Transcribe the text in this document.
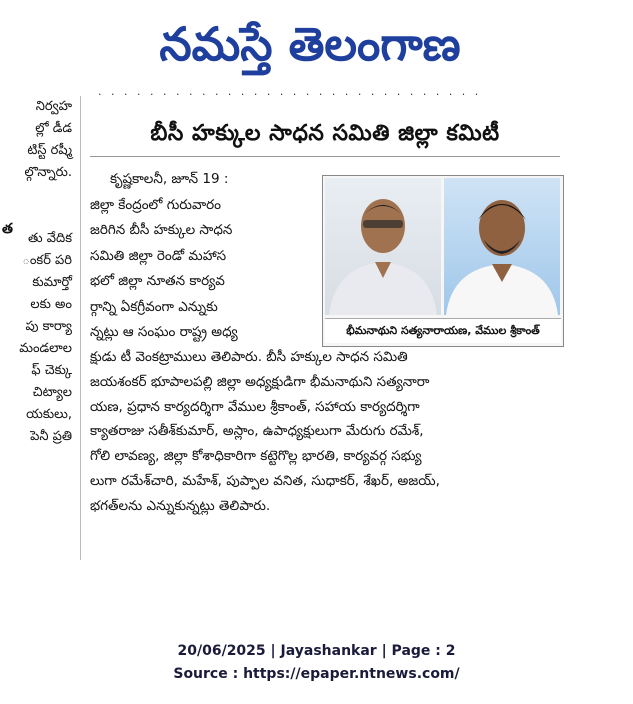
నమస్తే తెలంగాణ
· · · · · · · · · · · · · · · · · · · · · · · · · · · · · ·
నిర్వహ
ల్లో డీడ
టిస్ట్ రష్మీ
ల్గొన్నారు.
తు వేదిక
ంకర్ పరి
కుమార్తో
లకు అం
పు కార్యా
మండలాల
ఫ్ చెక్కు
చిట్యాల
యకులు,
పెనీ ప్రతి
త
బీసీ హక్కుల సాధన సమితి జిల్లా కమిటీ
కృష్ణకాలనీ, జూన్ 19 :
జిల్లా కేంద్రంలో గురువారం
జరిగిన బీసీ హక్కుల సాధన
సమితి జిల్లా రెండో మహాస
భలో జిల్లా నూతన కార్యవ
ర్గాన్ని ఏకగ్రీవంగా ఎన్నుకు
న్నట్లు ఆ సంఘం రాష్ట్ర అధ్య	భీమనాథుని సత్యనారాయణ, వేముల శ్రీకాంత్
క్షుడు టీ వెంకట్రాములు తెలిపారు. బీసీ హక్కుల సాధన సమితి
జయశంకర్ భూపాలపల్లి జిల్లా అధ్యక్షుడిగా భీమనాథుని సత్యనారా
యణ, ప్రధాన కార్యదర్శిగా వేముల శ్రీకాంత్, సహాయ కార్యదర్శిగా
క్యాతరాజు సతీశ్‌కుమార్, అస్లాం, ఉపాధ్యక్షులుగా మేరుగు రమేశ్,
గోలి లావణ్య, జిల్లా కోశాధికారిగా కట్టెగొల్ల భారతి, కార్యవర్గ సభ్యు
లుగా రమేశ్‌చారి, మహేశ్, పుప్పాల వనిత, సుధాకర్, శేఖర్, అజయ్,
భగత్‌లను ఎన్నుకున్నట్లు తెలిపారు.
20/06/2025 | Jayashankar | Page : 2
Source : https://epaper.ntnews.com/
